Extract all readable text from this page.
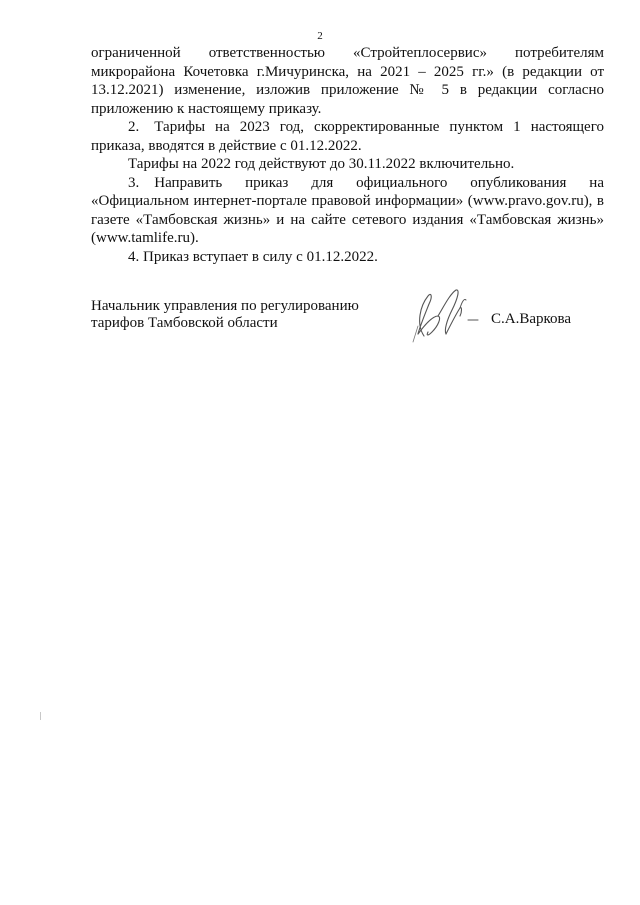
2

ограниченной ответственностью «Стройтеплосервис» потребителям микрорайона Кочетовка г.Мичуринска, на 2021 – 2025 гг.» (в редакции от 13.12.2021) изменение, изложив приложение № 5 в редакции согласно приложению к настоящему приказу.

2. Тарифы на 2023 год, скорректированные пунктом 1 настоящего приказа, вводятся в действие с 01.12.2022.

Тарифы на 2022 год действуют до 30.11.2022 включительно.

3. Направить приказ для официального опубликования на «Официальном интернет-портале правовой информации» (www.pravo.gov.ru), в газете «Тамбовская жизнь» и на сайте сетевого издания «Тамбовская жизнь» (www.tamlife.ru).

4. Приказ вступает в силу с 01.12.2022.

Начальник управления по регулированию
тарифов Тамбовской области	С.А.Варкова
